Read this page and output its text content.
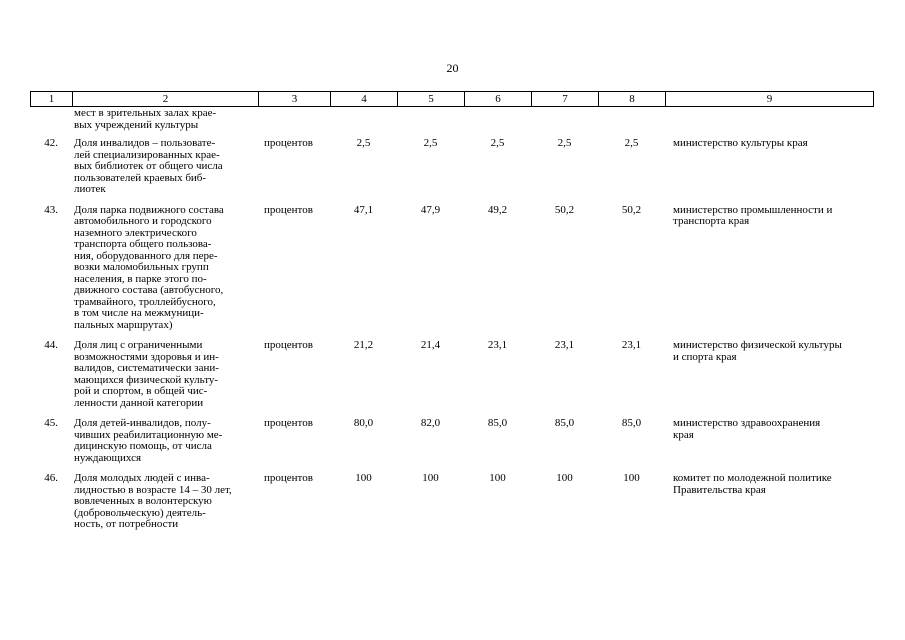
20
1	2	3	4	5	6	7	8	9
мест в зрительных залах крае-
вых учреждений культуры
42.	Доля инвалидов – пользовате-
лей специализированных крае-
вых библиотек от общего числа
пользователей краевых биб-
лиотек
процентов	2,5	2,5	2,5	2,5	2,5	министерство культуры края
43.	Доля парка подвижного состава
автомобильного и городского
наземного электрического
транспорта общего пользова-
ния, оборудованного для пере-
возки маломобильных групп
населения, в парке этого по-
движного состава (автобусного,
трамвайного, троллейбусного,
в том числе на межмуници-
пальных маршрутах)
процентов	47,1	47,9	49,2	50,2	50,2	министерство промышленности и
транспорта края
44.	Доля лиц с ограниченными
возможностями здоровья и ин-
валидов, систематически зани-
мающихся физической культу-
рой и спортом, в общей чис-
ленности данной категории
процентов	21,2	21,4	23,1	23,1	23,1	министерство физической культуры
и спорта края
45.	Доля детей-инвалидов, полу-
чивших реабилитационную ме-
дицинскую помощь, от числа
нуждающихся
процентов	80,0	82,0	85,0	85,0	85,0	министерство здравоохранения
края
46.	Доля молодых людей с инва-
лидностью в возрасте 14 – 30 лет,
вовлеченных в волонтерскую
(добровольческую) деятель-
ность, от потребности
процентов	100	100	100	100	100	комитет по молодежной политике
Правительства края
